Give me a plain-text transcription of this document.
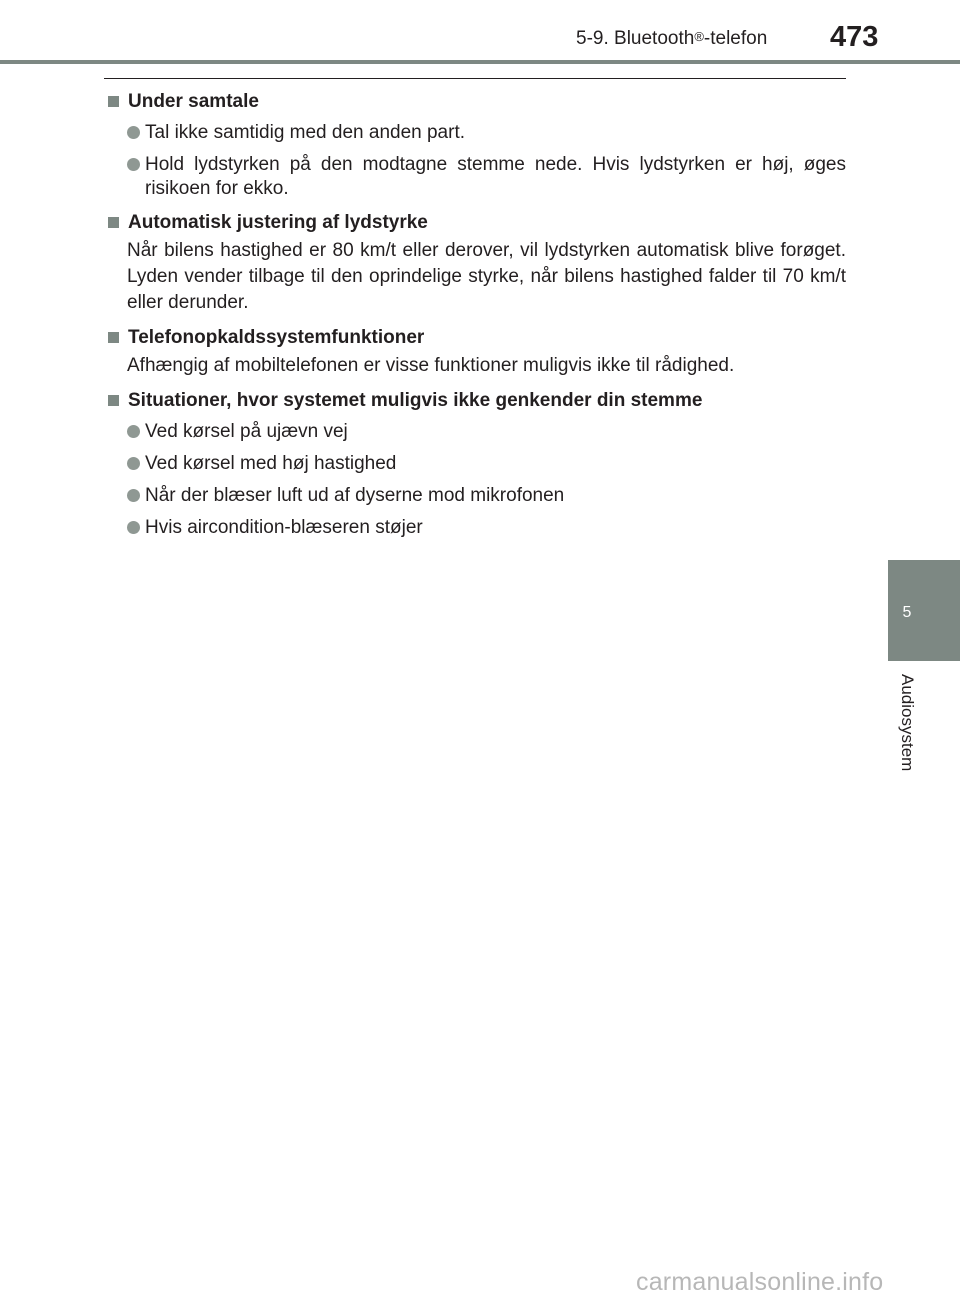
5-9. Bluetooth®-telefon 473
5
Audiosystem
Under samtale
Tal ikke samtidig med den anden part.
Hold lydstyrken på den modtagne stemme nede. Hvis lydstyrken er høj, øges risikoen for ekko.
Automatisk justering af lydstyrke
Når bilens hastighed er 80 km/t eller derover, vil lydstyrken automatisk blive forøget. Lyden vender tilbage til den oprindelige styrke, når bilens hastighed falder til 70 km/t eller derunder.
Telefonopkaldssystemfunktioner
Afhængig af mobiltelefonen er visse funktioner muligvis ikke til rådighed.
Situationer, hvor systemet muligvis ikke genkender din stemme
Ved kørsel på ujævn vej
Ved kørsel med høj hastighed
Når der blæser luft ud af dyserne mod mikrofonen
Hvis aircondition-blæseren støjer
carmanualsonline.info
